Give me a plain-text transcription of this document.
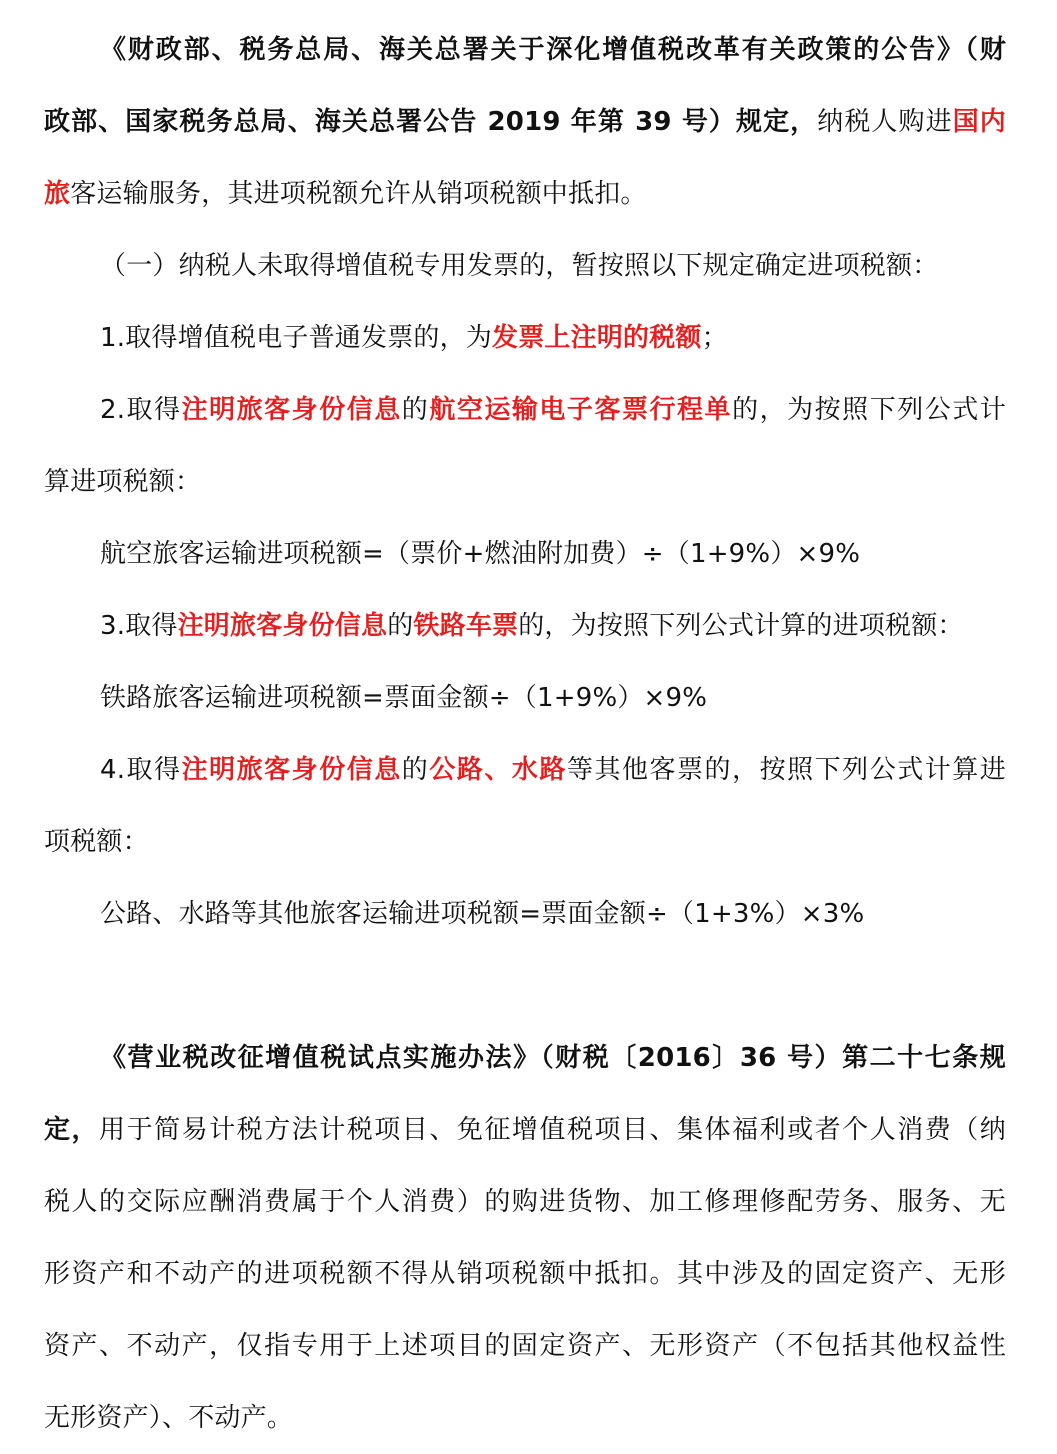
《财政部、税务总局、海关总署关于深化增值税改革有关政策的公告》（财
政部、国家税务总局、海关总署公告 2019 年第 39 号）规定，纳税人购进国内
旅客运输服务，其进项税额允许从销项税额中抵扣。
（一）纳税人未取得增值税专用发票的，暂按照以下规定确定进项税额：
1.取得增值税电子普通发票的，为发票上注明的税额；
2.取得注明旅客身份信息的航空运输电子客票行程单的，为按照下列公式计
算进项税额：
航空旅客运输进项税额=（票价+燃油附加费）÷（1+9%）×9%
3.取得注明旅客身份信息的铁路车票的，为按照下列公式计算的进项税额：
铁路旅客运输进项税额=票面金额÷（1+9%）×9%
4.取得注明旅客身份信息的公路、水路等其他客票的，按照下列公式计算进
项税额：
公路、水路等其他旅客运输进项税额=票面金额÷（1+3%）×3%
《营业税改征增值税试点实施办法》（财税〔2016〕36 号）第二十七条规
定，用于简易计税方法计税项目、免征增值税项目、集体福利或者个人消费（纳
税人的交际应酬消费属于个人消费）的购进货物、加工修理修配劳务、服务、无
形资产和不动产的进项税额不得从销项税额中抵扣。其中涉及的固定资产、无形
资产、不动产，仅指专用于上述项目的固定资产、无形资产（不包括其他权益性
无形资产）、不动产。
